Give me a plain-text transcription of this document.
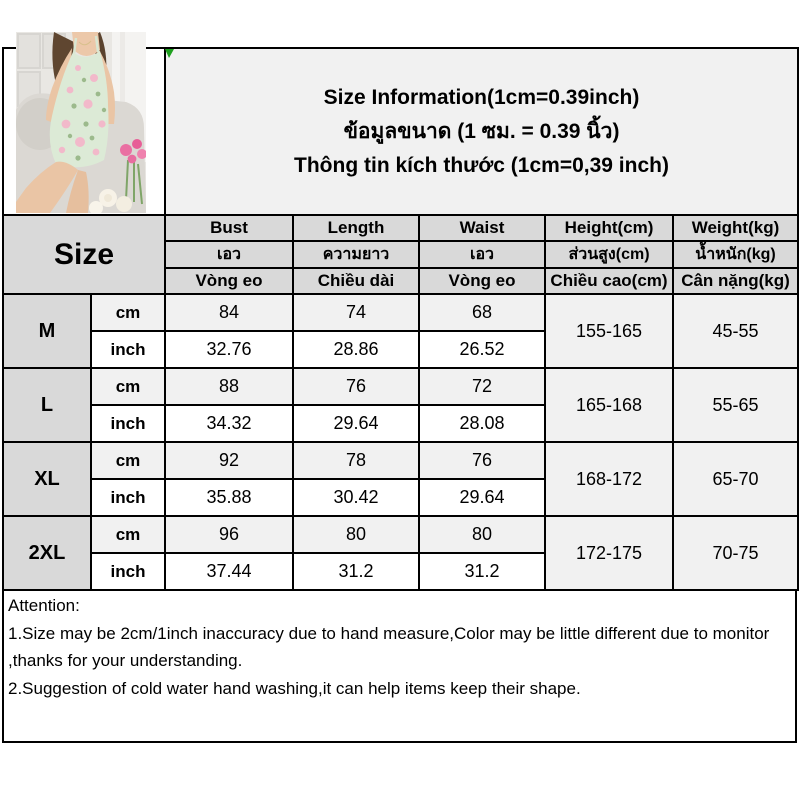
		Size Information(1cm=0.39inch)
ข้อมูลขนาด (1 ซม. = 0.39 นิ้ว)
Thông tin kích thước (1cm=0,39 inch)				

Size		Bust	Length	Waist	Height(cm)	Weight(kg)
		เอว	ความยาว	เอว	ส่วนสูง(cm)	น้ำหนัก(kg)
		Vòng eo	Chiều dài	Vòng eo	Chiều cao(cm)	Cân nặng(kg)
M	cm	84	74	68	155-165	45-55
	inch	32.76	28.86	26.52		
L	cm	88	76	72	165-168	55-65
	inch	34.32	29.64	28.08		
XL	cm	92	78	76	168-172	65-70
	inch	35.88	30.42	29.64		
2XL	cm	96	80	80	172-175	70-75
	inch	37.44	31.2	31.2		
Attention:

1.Size may be 2cm/1inch inaccuracy due to hand measure,Color may be little different due to monitor ,thanks for your understanding.

2.Suggestion of cold water hand washing,it can help items keep their shape.
